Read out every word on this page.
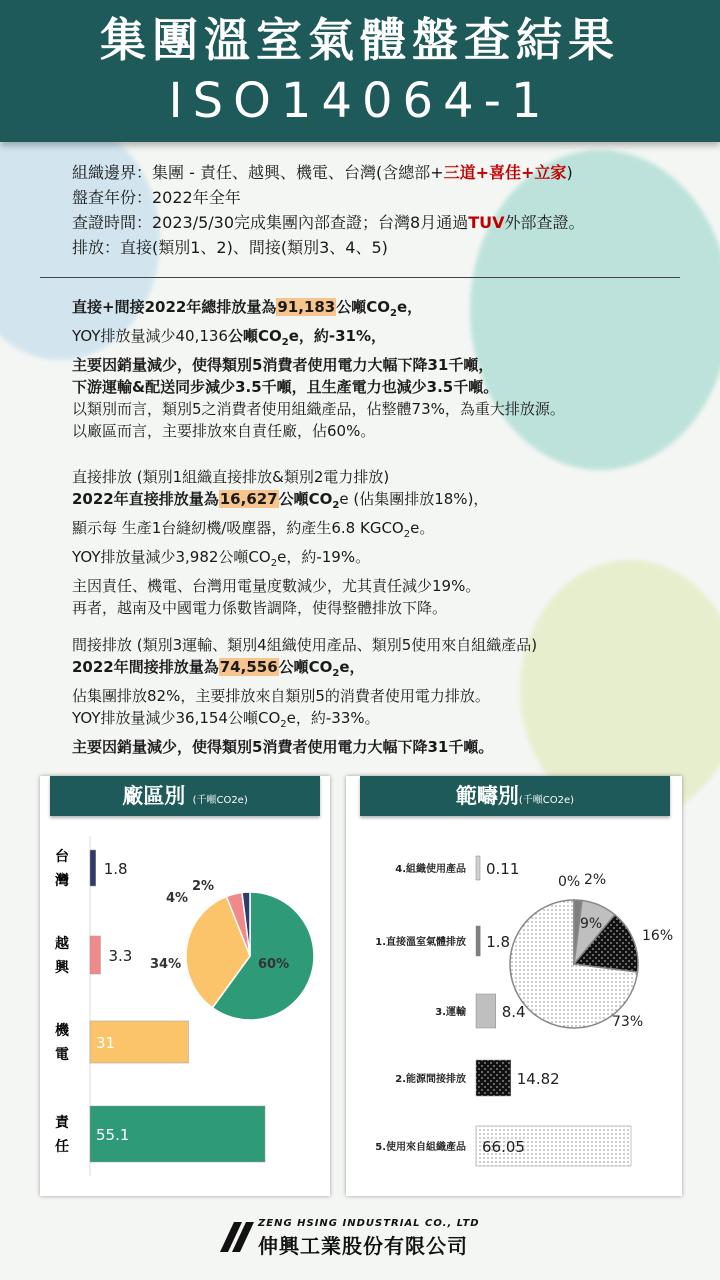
集團溫室氣體盤查結果
ISO14064-1
組織邊界：集團 - 責任、越興、機電、台灣(含總部+三道+喜佳+立家)
盤查年份：2022年全年
查證時間：2023/5/30完成集團內部查證；台灣8月通過TUV外部查證。
排放：直接(類別1、2)、間接(類別3、4、5)
直接+間接2022年總排放量為91,183公噸$CO_2e$，
YOY排放量減少40,136公噸$CO_2e$，約-31%，
主要因銷量減少，使得類別5消費者使用電力大幅下降31千噸，
下游運輸&配送同步減少3.5千噸，且生產電力也減少3.5千噸。
以類別而言，類別5之消費者使用組織產品，佔整體73%，為重大排放源。
以廠區而言，主要排放來自責任廠，佔60%。
直接排放 (類別1組織直接排放&類別2電力排放)
2022年直接排放量為16,627公噸$CO_2e$ (佔集團排放18%)，
顯示每 生產1台縫紉機/吸塵器，約產生6.8 $KGCO_2e$。
YOY排放量減少3,982公噸$CO_2e$，約-19%。
主因責任、機電、台灣用電量度數減少，尤其責任減少19%。
再者，越南及中國電力係數皆調降，使得整體排放下降。
間接排放 (類別3運輸、類別4組織使用產品、類別5使用來自組織產品)
2022年間接排放量為74,556公噸$CO_2e$，
佔集團排放82%，主要排放來自類別5的消費者使用電力排放。
YOY排放量減少36,154公噸$CO_2e$，約-33%。
主要因銷量減少，使得類別5消費者使用電力大幅下降31千噸。
廠區別 (千噸CO2e)
台灣
1.8
越興
3.3
機電
31
責任
55.1
60%
34%
4%
2%
範疇別(千噸CO2e)
4.組織使用產品 0.11
1.直接溫室氣體排放 1.8
3.運輸 8.4
2.能源間接排放	14.82
5.使用來自組織產品 66.05
73%
0% 2%
9%
16%
ZENG HSING INDUSTRIAL CO., LTD
伸興工業股份有限公司
